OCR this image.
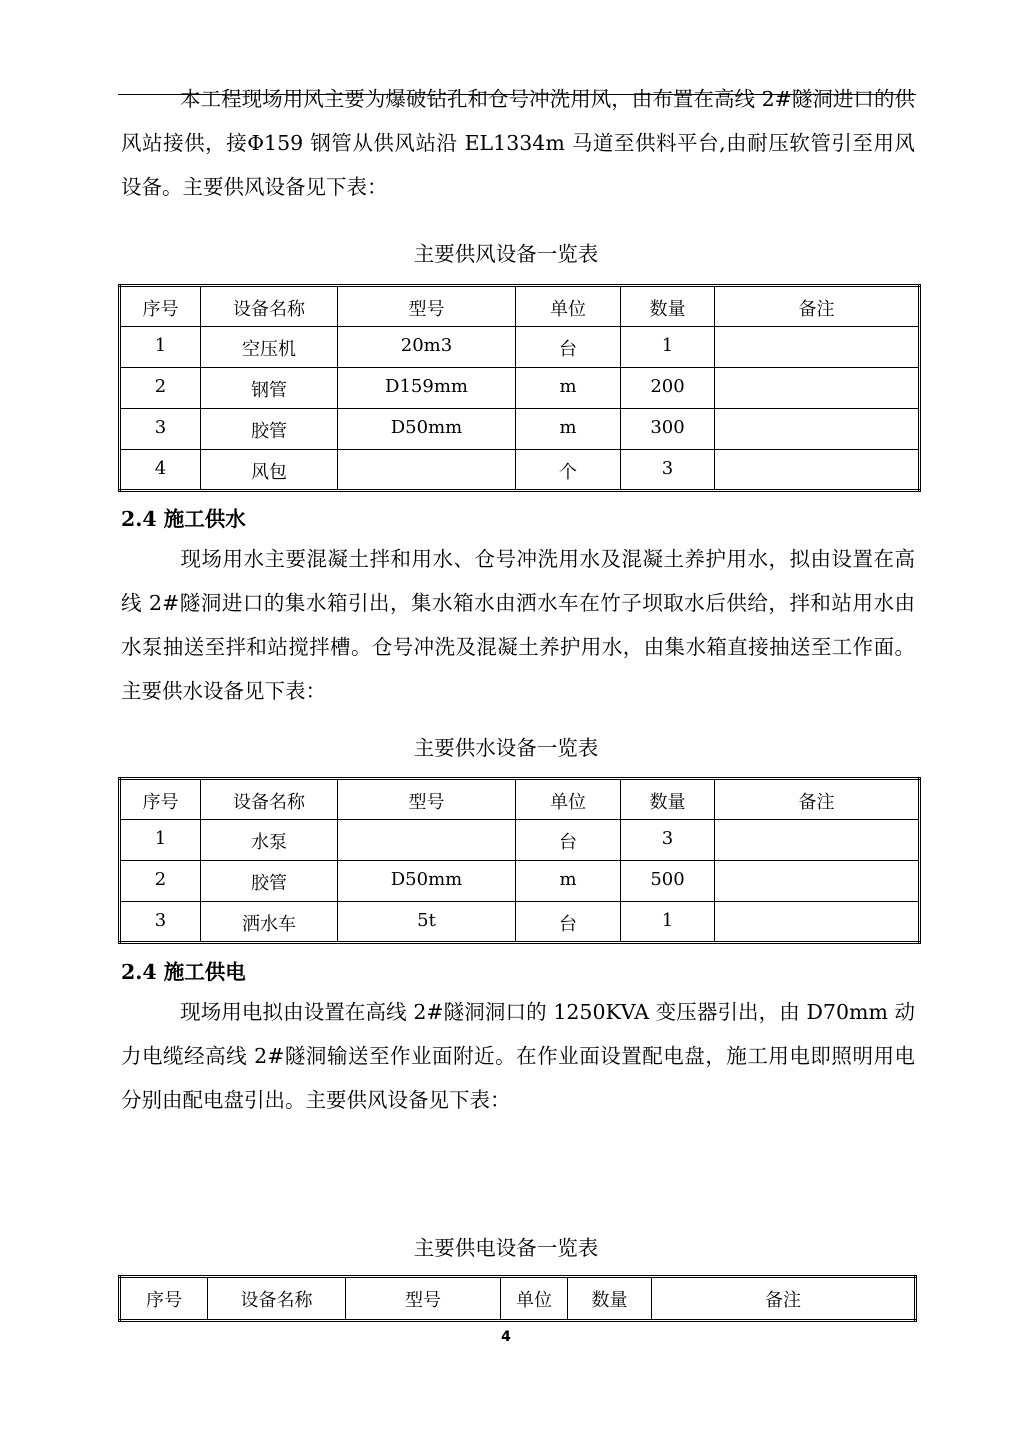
本工程现场用风主要为爆破钻孔和仓号冲洗用风，由布置在高线 2#隧洞进口的供风站接供，接Φ159 钢管从供风站沿 EL1334m 马道至供料平台,由耐压软管引至用风设备。主要供风设备见下表：

主要供风设备一览表

序号	设备名称	型号	单位	数量	备注
1	空压机	20m3	台	1	
2	钢管	D159mm	m	200	
3	胶管	D50mm	m	300	
4	风包		个	3	

2.4 施工供水

现场用水主要混凝土拌和用水、仓号冲洗用水及混凝土养护用水，拟由设置在高线 2#隧洞进口的集水箱引出，集水箱水由洒水车在竹子坝取水后供给，拌和站用水由水泵抽送至拌和站搅拌槽。仓号冲洗及混凝土养护用水，由集水箱直接抽送至工作面。主要供水设备见下表：

主要供水设备一览表

序号	设备名称	型号	单位	数量	备注
1	水泵		台	3	
2	胶管	D50mm	m	500	
3	洒水车	5t	台	1	

2.4 施工供电

现场用电拟由设置在高线 2#隧洞洞口的 1250KVA 变压器引出，由 D70mm 动力电缆经高线 2#隧洞输送至作业面附近。在作业面设置配电盘，施工用电即照明用电分别由配电盘引出。主要供风设备见下表：

主要供电设备一览表

序号	设备名称	型号	单位	数量	备注
4
